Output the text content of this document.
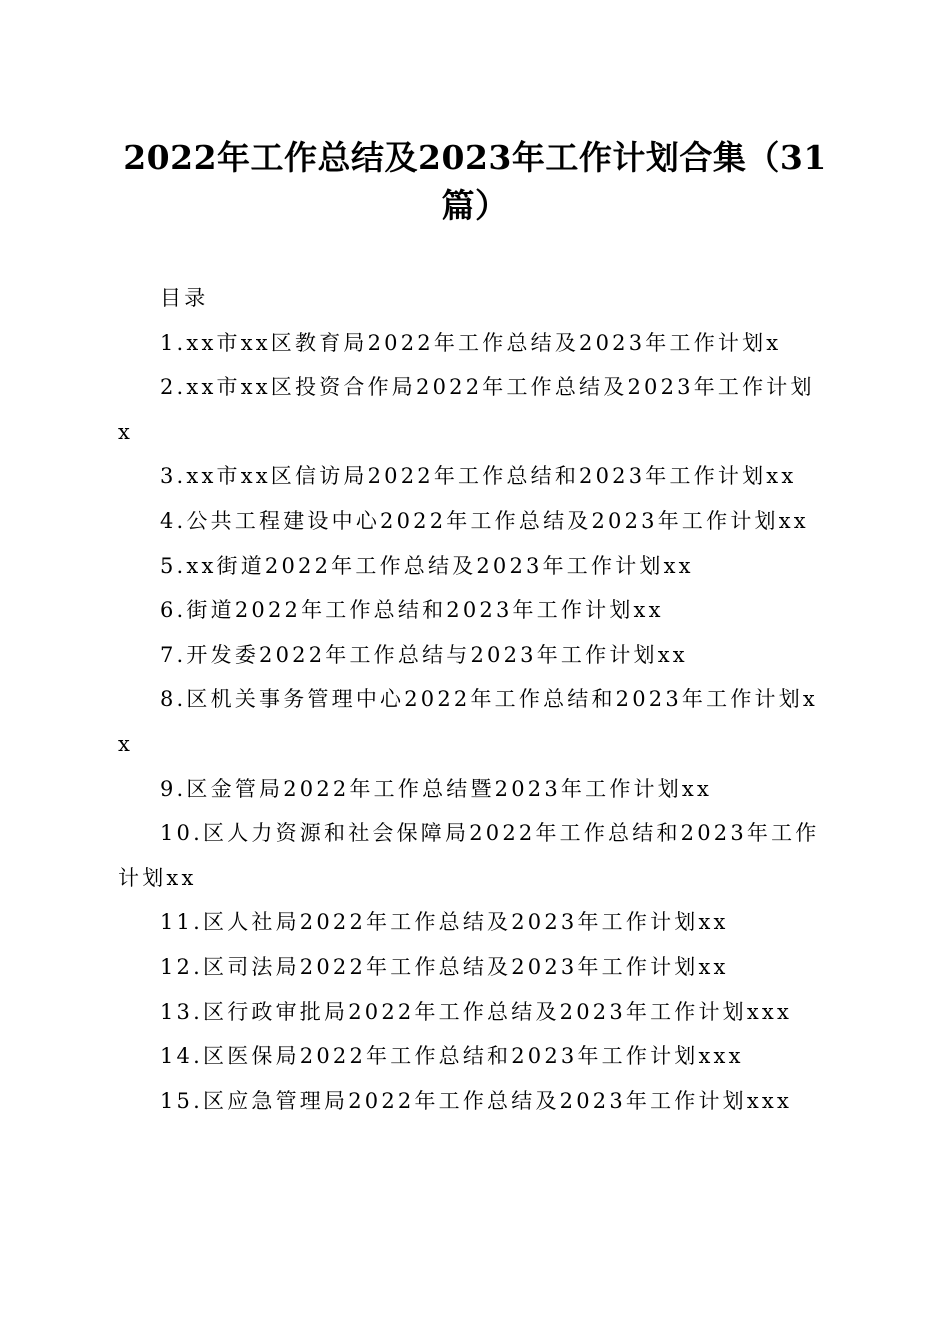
2022年工作总结及2023年工作计划合集（31篇）

目录

1.xx市xx区教育局2022年工作总结及2023年工作计划x

2.xx市xx区投资合作局2022年工作总结及2023年工作计划x

3.xx市xx区信访局2022年工作总结和2023年工作计划xx

4.公共工程建设中心2022年工作总结及2023年工作计划xx

5.xx街道2022年工作总结及2023年工作计划xx

6.街道2022年工作总结和2023年工作计划xx

7.开发委2022年工作总结与2023年工作计划xx

8.区机关事务管理中心2022年工作总结和2023年工作计划xx

9.区金管局2022年工作总结暨2023年工作计划xx

10.区人力资源和社会保障局2022年工作总结和2023年工作计划xx

11.区人社局2022年工作总结及2023年工作计划xx

12.区司法局2022年工作总结及2023年工作计划xx

13.区行政审批局2022年工作总结及2023年工作计划xxx

14.区医保局2022年工作总结和2023年工作计划xxx

15.区应急管理局2022年工作总结及2023年工作计划xxx
